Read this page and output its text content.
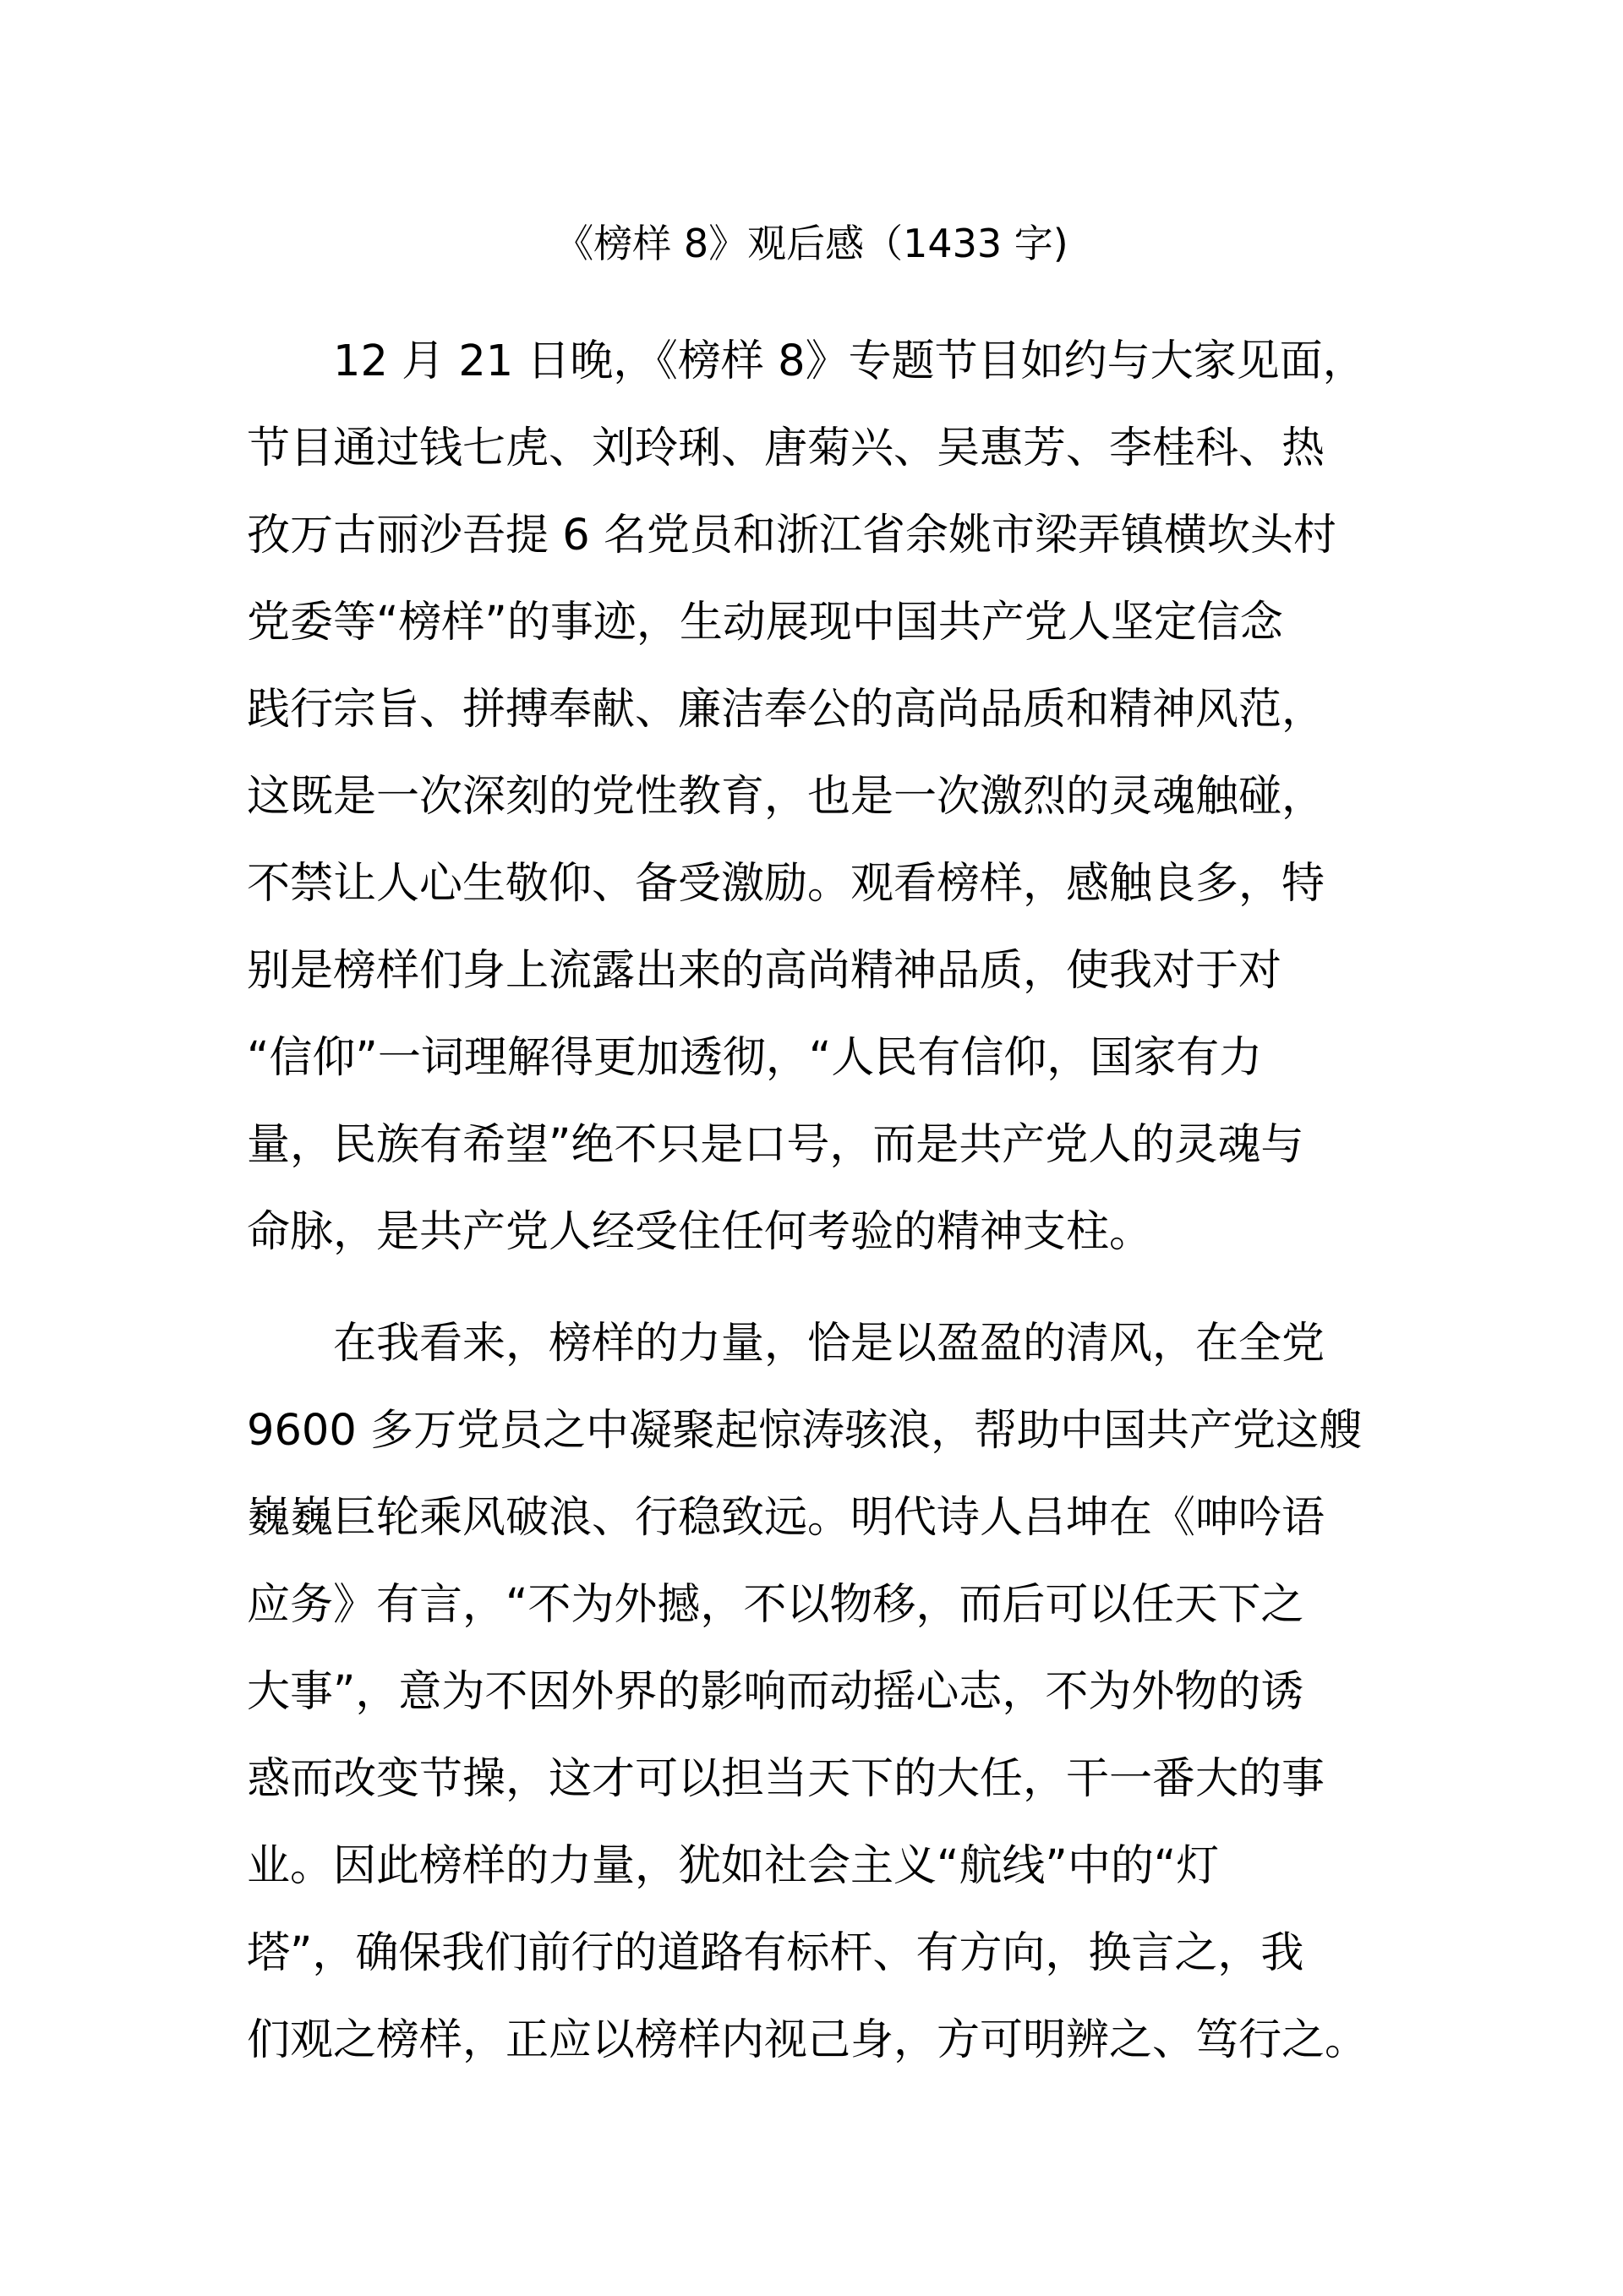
《榜样 8》观后感（1433 字)
12 月 21 日晚，《榜样 8》专题节目如约与大家见面，
节目通过钱七虎、刘玲琍、唐菊兴、吴惠芳、李桂科、热
孜万古丽沙吾提 6 名党员和浙江省余姚市梁弄镇横坎头村
党委等“榜样”的事迹，生动展现中国共产党人坚定信念
践行宗旨、拼搏奉献、廉洁奉公的高尚品质和精神风范，
这既是一次深刻的党性教育，也是一次激烈的灵魂触碰，
不禁让人心生敬仰、备受激励。观看榜样，感触良多，特
别是榜样们身上流露出来的高尚精神品质，使我对于对
“信仰”一词理解得更加透彻，“人民有信仰，国家有力
量，民族有希望”绝不只是口号，而是共产党人的灵魂与
命脉，是共产党人经受住任何考验的精神支柱。
在我看来，榜样的力量，恰是以盈盈的清风，在全党
9600 多万党员之中凝聚起惊涛骇浪，帮助中国共产党这艘
巍巍巨轮乘风破浪、行稳致远。明代诗人吕坤在《呻吟语
应务》有言，“不为外撼，不以物移，而后可以任天下之
大事”，意为不因外界的影响而动摇心志，不为外物的诱
惑而改变节操，这才可以担当天下的大任，干一番大的事
业。因此榜样的力量，犹如社会主义“航线”中的“灯
塔”，确保我们前行的道路有标杆、有方向，换言之，我
们观之榜样，正应以榜样内视己身，方可明辨之、笃行之。
